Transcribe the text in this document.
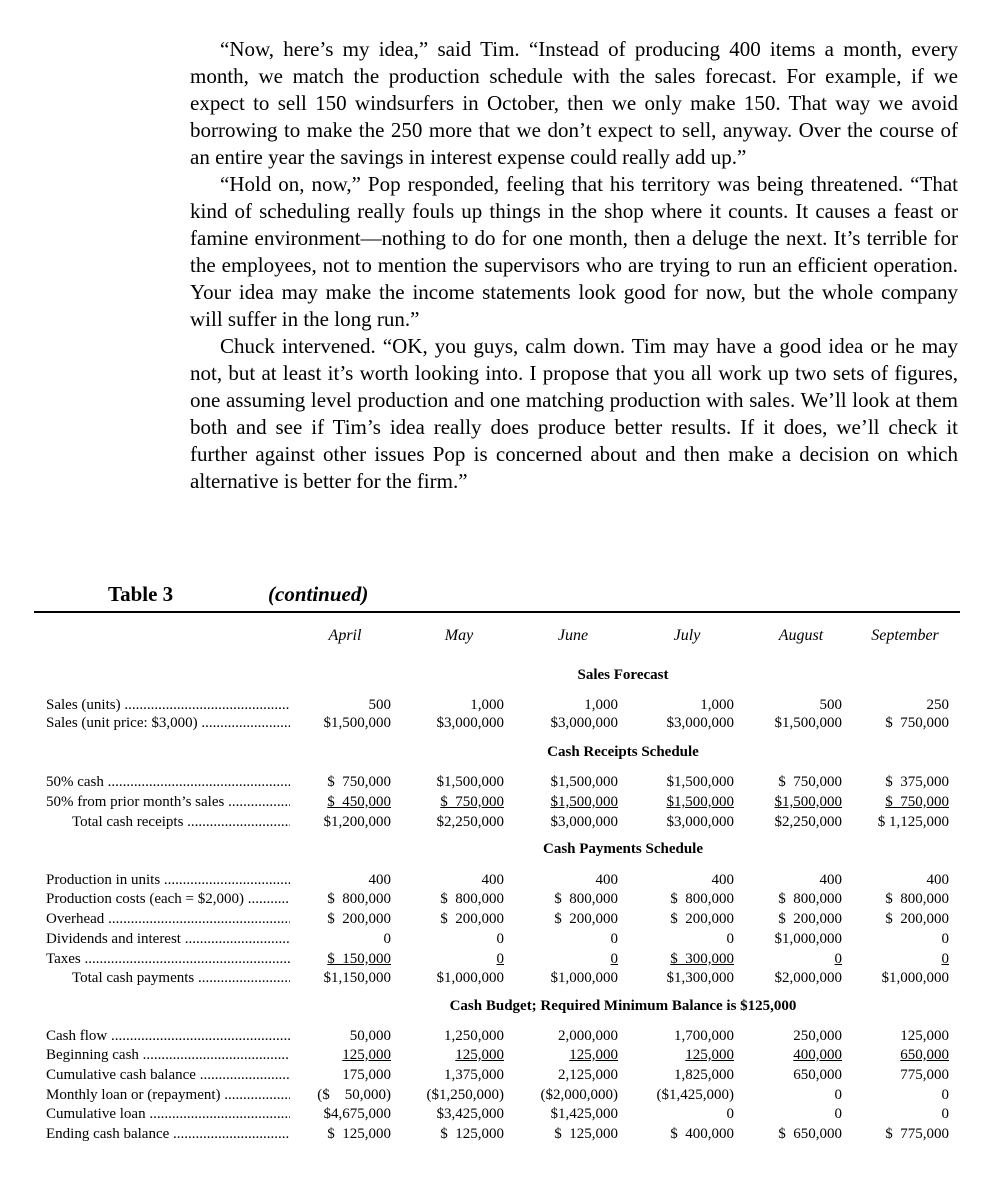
“Now, here’s my idea,” said Tim. “Instead of producing 400 items a month, every month, we match the production schedule with the sales forecast. For example, if we expect to sell 150 windsurfers in October, then we only make 150. That way we avoid borrowing to make the 250 more that we don’t expect to sell, anyway. Over the course of an entire year the savings in interest expense could really add up.”

“Hold on, now,” Pop responded, feeling that his territory was being threatened. “That kind of scheduling really fouls up things in the shop where it counts. It causes a feast or famine environment—nothing to do for one month, then a deluge the next. It’s terrible for the employees, not to mention the supervisors who are trying to run an efficient operation. Your idea may make the income statements look good for now, but the whole company will suffer in the long run.”

Chuck intervened. “OK, you guys, calm down. Tim may have a good idea or he may not, but at least it’s worth looking into. I propose that you all work up two sets of figures, one assuming level production and one matching production with sales. We’ll look at them both and see if Tim’s idea really does produce better results. If it does, we’ll check it further against other issues Pop is concerned about and then make a decision on which alternative is better for the firm.”

Table 3	(continued)
April	May	June	July	August	September
Sales Forecast
Cash Receipts Schedule
Cash Payments Schedule
Cash Budget; Required Minimum Balance is $125,000
Sales (units) .....	500	1,000	1,000	1,000	500	250
Sales (unit price: $3,000) .....	$1,500,000	$3,000,000	$3,000,000	$3,000,000	$1,500,000	$  750,000
50% cash .....	$  750,000	$1,500,000	$1,500,000	$1,500,000	$  750,000	$  375,000
50% from prior month’s sales .....	$  450,000	$  750,000	$1,500,000	$1,500,000	$1,500,000	$  750,000
Total cash receipts .....	$1,200,000	$2,250,000	$3,000,000	$3,000,000	$2,250,000	$ 1,125,000
Production in units .....	400	400	400	400	400	400
Production costs (each = $2,000) .....	$  800,000	$  800,000	$  800,000	$  800,000	$  800,000	$  800,000
Overhead .....	$  200,000	$  200,000	$  200,000	$  200,000	$  200,000	$  200,000
Dividends and interest .....	0	0	0	0	$1,000,000	0
Taxes .....	$  150,000	0	0	$  300,000	0	0
Total cash payments .....	$1,150,000	$1,000,000	$1,000,000	$1,300,000	$2,000,000	$1,000,000
Cash flow .....	50,000	1,250,000	2,000,000	1,700,000	250,000	125,000
Beginning cash .....	125,000	125,000	125,000	125,000	400,000	650,000
Cumulative cash balance .....	175,000	1,375,000	2,125,000	1,825,000	650,000	775,000
Monthly loan or (repayment) .....	($    50,000)	($1,250,000)	($2,000,000)	($1,425,000)	0	0
Cumulative loan .....	$4,675,000	$3,425,000	$1,425,000	0	0	0
Ending cash balance .....	$  125,000	$  125,000	$  125,000	$  400,000	$  650,000	$  775,000
